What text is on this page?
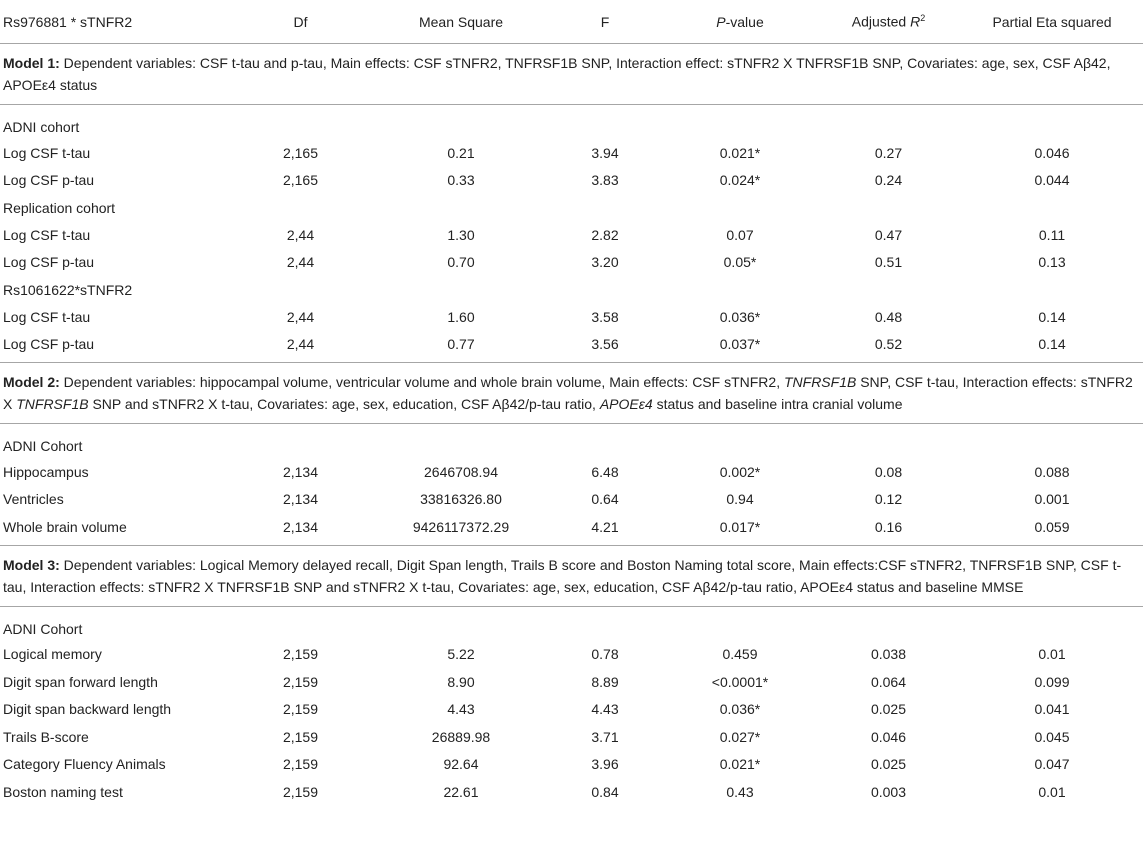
Rs976881 * sTNFR2	Df	Mean Square	F	P-value	Adjusted $R^2$	Partial Eta squared
Model 1: Dependent variables: CSF t-tau and p-tau, Main effects: CSF sTNFR2, TNFRSF1B SNP, Interaction effect: sTNFR2 X TNFRSF1B SNP, Covariates: age, sex, CSF Aβ42, APOEε4 status						
ADNI cohort						
Log CSF t-tau	2,165	0.21	3.94	0.021*	0.27	0.046
Log CSF p-tau	2,165	0.33	3.83	0.024*	0.24	0.044
Replication cohort						
Log CSF t-tau	2,44	1.30	2.82	0.07	0.47	0.11
Log CSF p-tau	2,44	0.70	3.20	0.05*	0.51	0.13
Rs1061622*sTNFR2						
Log CSF t-tau	2,44	1.60	3.58	0.036*	0.48	0.14
Log CSF p-tau	2,44	0.77	3.56	0.037*	0.52	0.14

Model 2: Dependent variables: hippocampal volume, ventricular volume and whole brain volume, Main effects: CSF sTNFR2, TNFRSF1B SNP, CSF t-tau, Interaction effects: sTNFR2 X TNFRSF1B SNP and sTNFR2 X t-tau, Covariates: age, sex, education, CSF Aβ42/p-tau ratio, APOEε4 status and baseline intra cranial volume						
ADNI Cohort						
Hippocampus	2,134	2646708.94	6.48	0.002*	0.08	0.088
Ventricles	2,134	33816326.80	0.64	0.94	0.12	0.001
Whole brain volume	2,134	9426117372.29	4.21	0.017*	0.16	0.059

Model 3: Dependent variables: Logical Memory delayed recall, Digit Span length, Trails B score and Boston Naming total score, Main effects:CSF sTNFR2, TNFRSF1B SNP, CSF t-tau, Interaction effects: sTNFR2 X TNFRSF1B SNP and sTNFR2 X t-tau, Covariates: age, sex, education, CSF Aβ42/p-tau ratio, APOEε4 status and baseline MMSE						
ADNI Cohort						
Logical memory	2,159	5.22	0.78	0.459	0.038	0.01
Digit span forward length	2,159	8.90	8.89	<0.0001*	0.064	0.099
Digit span backward length	2,159	4.43	4.43	0.036*	0.025	0.041
Trails B-score	2,159	26889.98	3.71	0.027*	0.046	0.045
Category Fluency Animals	2,159	92.64	3.96	0.021*	0.025	0.047
Boston naming test	2,159	22.61	0.84	0.43	0.003	0.01
